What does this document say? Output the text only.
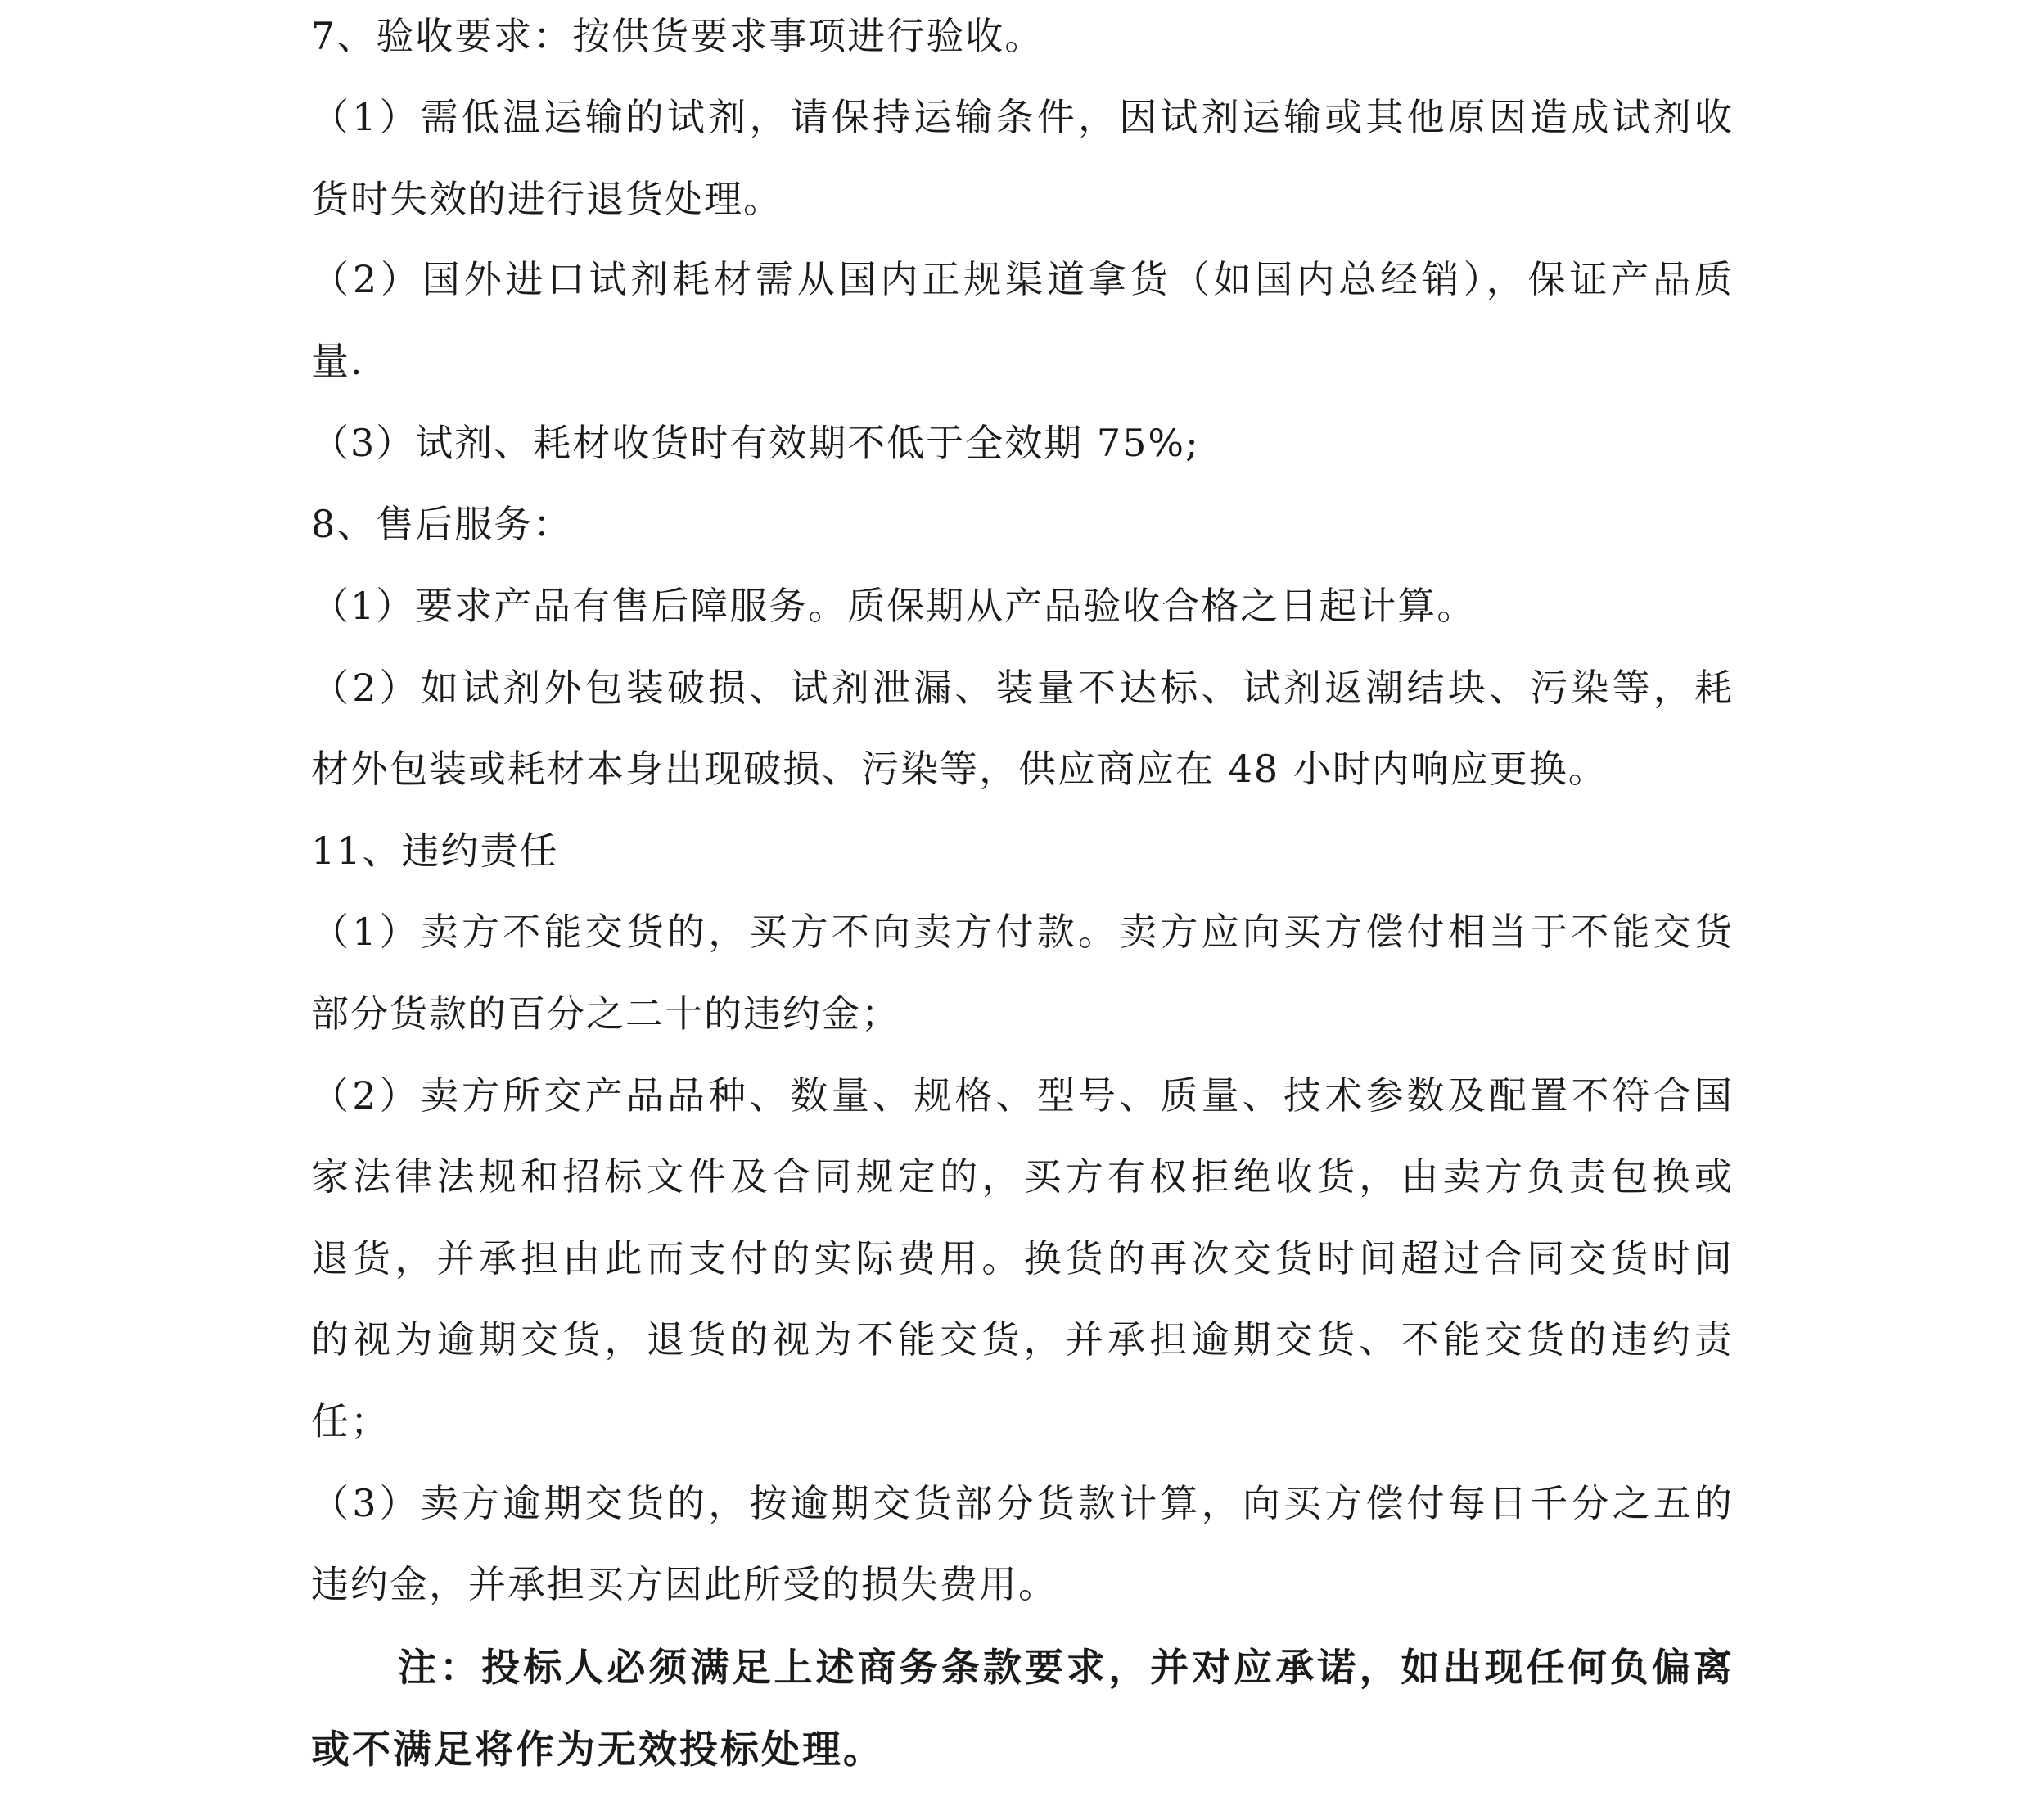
7、验收要求：按供货要求事项进行验收。
（1）需低温运输的试剂，请保持运输条件，因试剂运输或其他原因造成试剂收
货时失效的进行退货处理。
（2）国外进口试剂耗材需从国内正规渠道拿货（如国内总经销），保证产品质
量.
（3）试剂、耗材收货时有效期不低于全效期 75%;
8、售后服务：
（1）要求产品有售后障服务。质保期从产品验收合格之日起计算。
（2）如试剂外包装破损、试剂泄漏、装量不达标、试剂返潮结块、污染等，耗
材外包装或耗材本身出现破损、污染等，供应商应在 48 小时内响应更换。
11、违约责任
（1）卖方不能交货的，买方不向卖方付款。卖方应向买方偿付相当于不能交货
部分货款的百分之二十的违约金；
（2）卖方所交产品品种、数量、规格、型号、质量、技术参数及配置不符合国
家法律法规和招标文件及合同规定的，买方有权拒绝收货，由卖方负责包换或
退货，并承担由此而支付的实际费用。换货的再次交货时间超过合同交货时间
的视为逾期交货，退货的视为不能交货，并承担逾期交货、不能交货的违约责
任；
（3）卖方逾期交货的，按逾期交货部分货款计算，向买方偿付每日千分之五的
违约金，并承担买方因此所受的损失费用。
注：投标人必须满足上述商务条款要求，并对应承诺，如出现任何负偏离
或不满足将作为无效投标处理。
